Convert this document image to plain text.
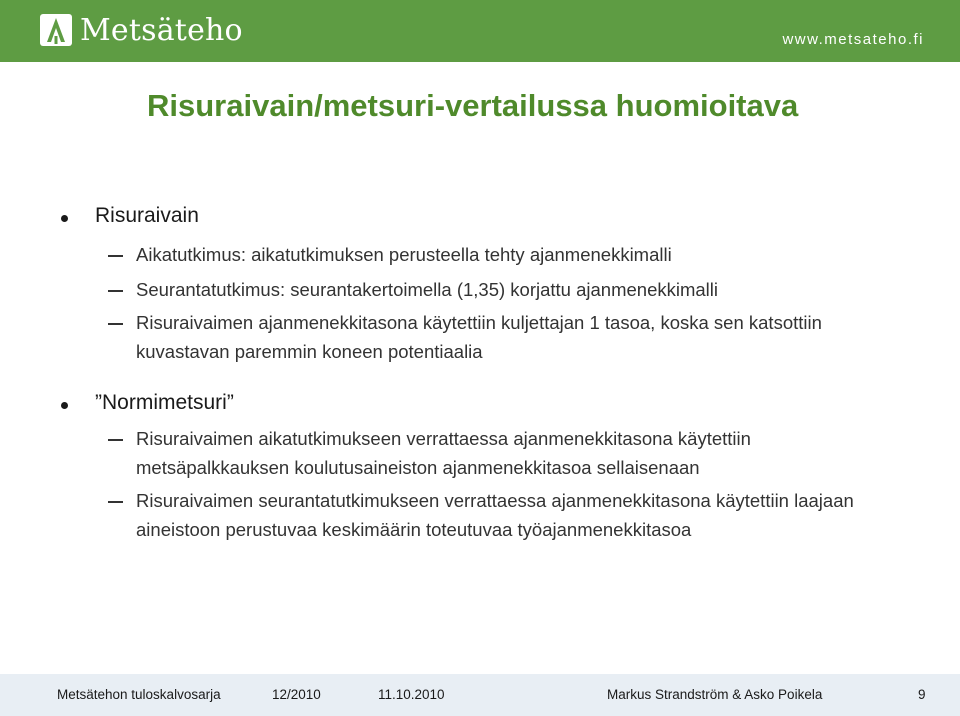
Metsäteho	www.metsateho.fi
Risuraivain/metsuri-vertailussa huomioitava
Risuraivain
Aikatutkimus: aikatutkimuksen perusteella tehty ajanmenekkimalli
Seurantatutkimus: seurantakertoimella (1,35) korjattu ajanmenekkimalli
Risuraivaimen ajanmenekkitasona käytettiin kuljettajan 1 tasoa, koska sen katsottiin kuvastavan paremmin koneen potentiaalia
”Normimetsuri”
Risuraivaimen aikatutkimukseen verrattaessa ajanmenekkitasona käytettiin metsäpalkkauksen koulutusaineiston ajanmenekkitasoa sellaisenaan
Risuraivaimen seurantatutkimukseen verrattaessa ajanmenekkitasona käytettiin laajaan aineistoon perustuvaa keskimäärin toteutuvaa työajanmenekkitasoa
Metsätehon tuloskalvosarja	12/2010	11.10.2010	Markus Strandström & Asko Poikela	9
